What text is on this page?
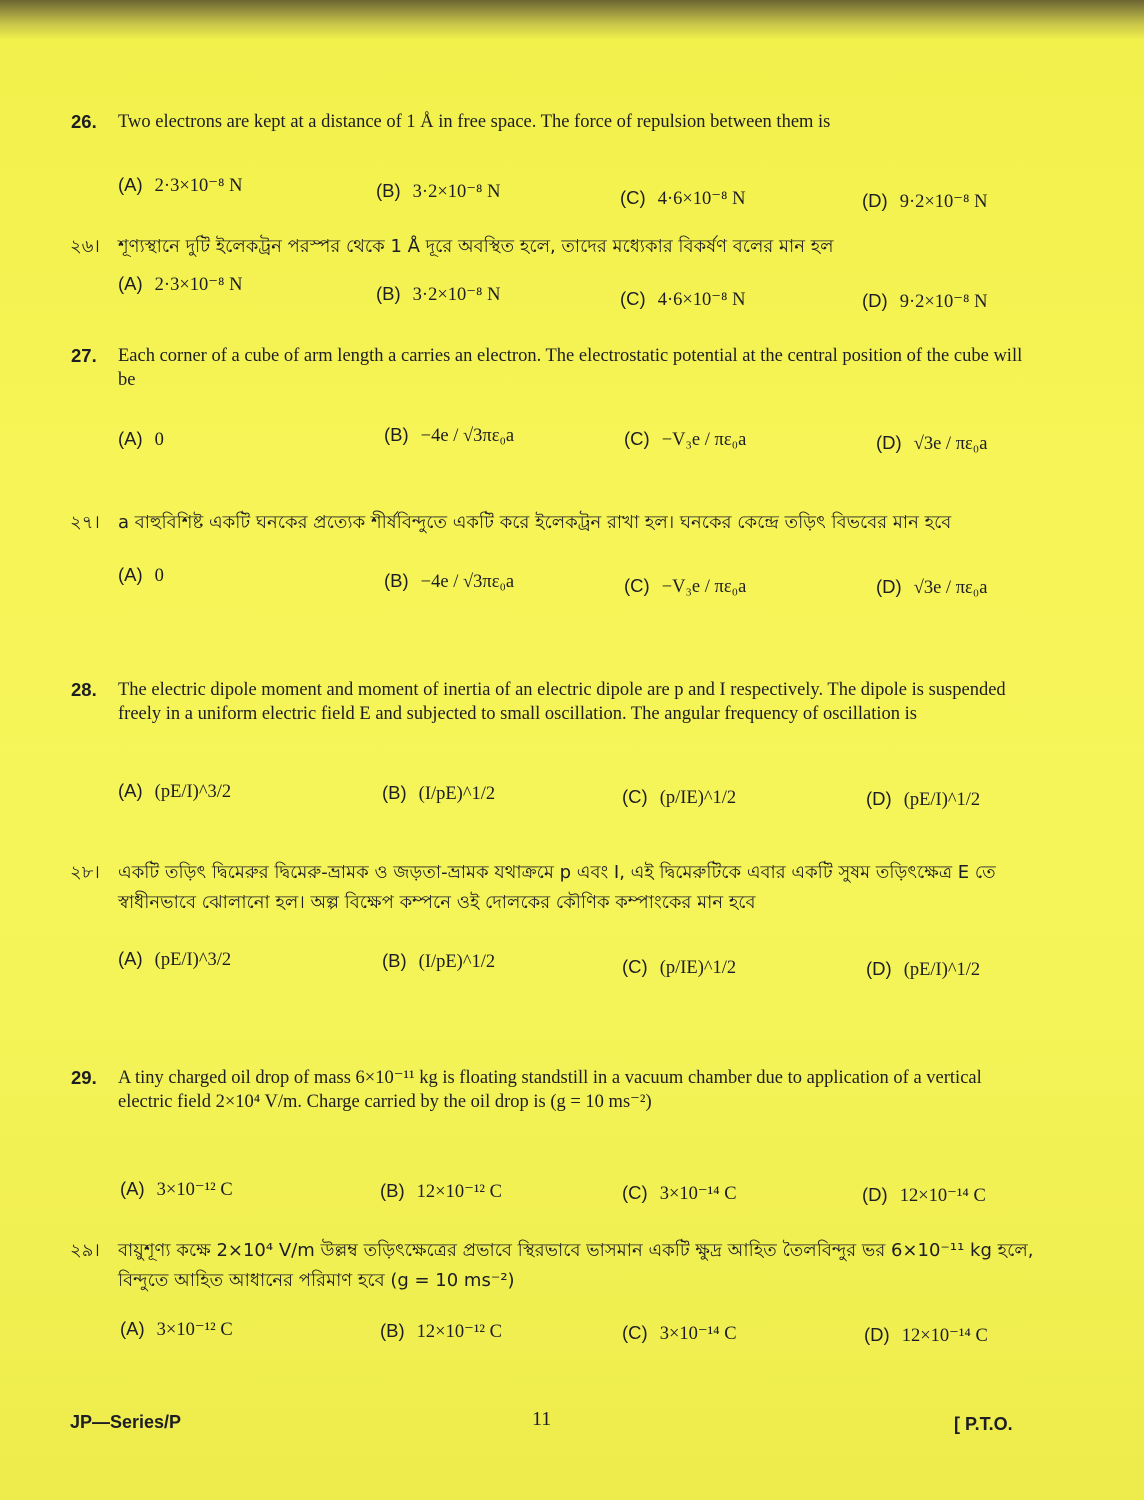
26. Two electrons are kept at a distance of 1 Å in free space. The force of repulsion between them is
(A) 2·3×10⁻⁸ N	(B) 3·2×10⁻⁸ N	(C) 4·6×10⁻⁸ N	(D) 9·2×10⁻⁸ N
২৬। শূণ্যস্থানে দুটি ইলেকট্রন পরস্পর থেকে 1 Å দূরে অবস্থিত হলে, তাদের মধ্যেকার বিকর্ষণ বলের মান হল
(A) 2·3×10⁻⁸ N	(B) 3·2×10⁻⁸ N	(C) 4·6×10⁻⁸ N	(D) 9·2×10⁻⁸ N
27. Each corner of a cube of arm length a carries an electron. The electrostatic potential at the central position of the cube will be
(A) 0	(B) −4e / √3πε₀a	(C) −V₃e / πε₀a	(D) √3e / πε₀a
২৭। a বাহুবিশিষ্ট একটি ঘনকের প্রত্যেক শীর্ষবিন্দুতে একটি করে ইলেকট্রন রাখা হল। ঘনকের কেন্দ্রে তড়িৎ বিভবের মান হবে
(A) 0	(B) −4e / √3πε₀a	(C) −V₃e / πε₀a	(D) √3e / πε₀a
28. The electric dipole moment and moment of inertia of an electric dipole are p and I respectively. The dipole is suspended freely in a uniform electric field E and subjected to small oscillation. The angular frequency of oscillation is
(A) (pE/I)^3/2	(B) (I/pE)^1/2	(C) (p/IE)^1/2	(D) (pE/I)^1/2
২৮। একটি তড়িৎ দ্বিমেরুর দ্বিমেরু-ভ্রামক ও জড়তা-ভ্রামক যথাক্রমে p এবং I, এই দ্বিমেরুটিকে এবার একটি সুষম তড়িৎক্ষেত্র E তে স্বাধীনভাবে ঝোলানো হল। অল্প বিক্ষেপ কম্পনে ওই দোলকের কৌণিক কম্পাংকের মান হবে
(A) (pE/I)^3/2	(B) (I/pE)^1/2	(C) (p/IE)^1/2	(D) (pE/I)^1/2
29. A tiny charged oil drop of mass 6×10⁻¹¹ kg is floating standstill in a vacuum chamber due to application of a vertical electric field 2×10⁴ V/m. Charge carried by the oil drop is (g = 10 ms⁻²)
(A) 3×10⁻¹² C	(B) 12×10⁻¹² C	(C) 3×10⁻¹⁴ C	(D) 12×10⁻¹⁴ C
২৯। বায়ুশূণ্য কক্ষে 2×10⁴ V/m উল্লম্ব তড়িৎক্ষেত্রের প্রভাবে স্থিরভাবে ভাসমান একটি ক্ষুদ্র আহিত তৈলবিন্দুর ভর 6×10⁻¹¹ kg হলে, বিন্দুতে আহিত আধানের পরিমাণ হবে (g = 10 ms⁻²)
(A) 3×10⁻¹² C	(B) 12×10⁻¹² C	(C) 3×10⁻¹⁴ C	(D) 12×10⁻¹⁴ C
JP—Series/P	11	[ P.T.O.
